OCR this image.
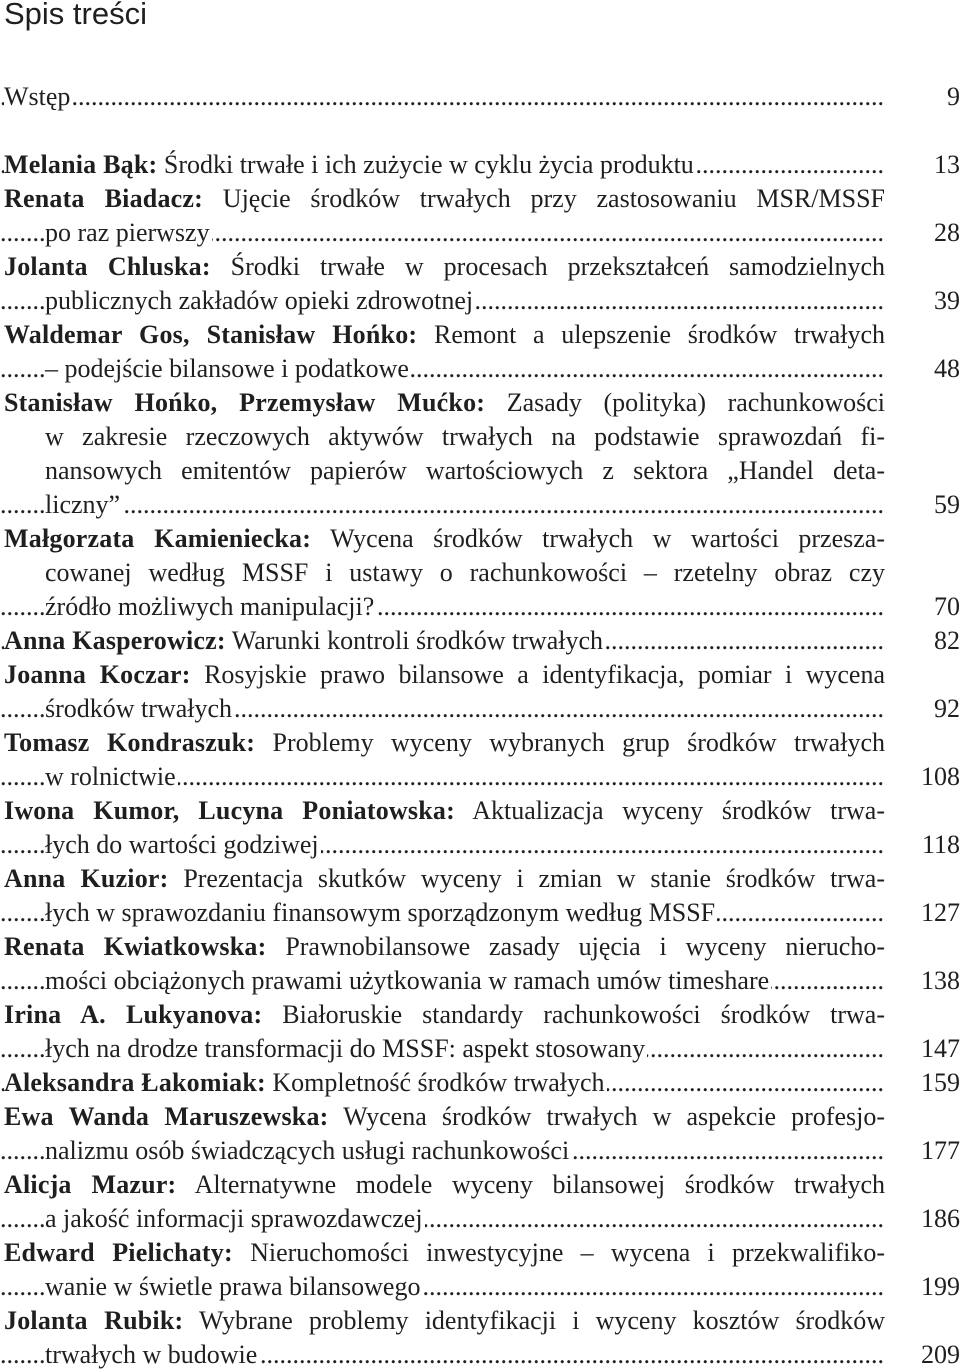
Spis treści
.....
Wstęp	9
.....
Melania Bąk: Środki trwałe i ich zużycie w cyklu życia produktu	13
Renata Biadacz: Ujęcie środków trwałych przy zastosowaniu MSR/MSSF
.....
po raz pierwszy	28
Jolanta Chluska: Środki trwałe w procesach przekształceń samodzielnych
.....
publicznych zakładów opieki zdrowotnej	39
Waldemar Gos, Stanisław Hońko: Remont a ulepszenie środków trwałych
.....
– podejście bilansowe i podatkowe	48
Stanisław Hońko, Przemysław Mućko: Zasady (polityka) rachunkowości
w zakresie rzeczowych aktywów trwałych na podstawie sprawozdań fi-
nansowych emitentów papierów wartościowych z sektora „Handel deta-
.....
liczny”	59
Małgorzata Kamieniecka: Wycena środków trwałych w wartości przesza-
cowanej według MSSF i ustawy o rachunkowości – rzetelny obraz czy
.....
źródło możliwych manipulacji?	70
.....
Anna Kasperowicz: Warunki kontroli środków trwałych	82
Joanna Koczar: Rosyjskie prawo bilansowe a identyfikacja, pomiar i wycena
.....
środków trwałych	92
Tomasz Kondraszuk: Problemy wyceny wybranych grup środków trwałych
.....
w rolnictwie	108
Iwona Kumor, Lucyna Poniatowska: Aktualizacja wyceny środków trwa-
.....
łych do wartości godziwej	118
Anna Kuzior: Prezentacja skutków wyceny i zmian w stanie środków trwa-
.....
łych w sprawozdaniu finansowym sporządzonym według MSSF	127
Renata Kwiatkowska: Prawnobilansowe zasady ujęcia i wyceny nierucho-
.....
mości obciążonych prawami użytkowania w ramach umów timeshare	138
Irina A. Lukyanova: Białoruskie standardy rachunkowości środków trwa-
.....
łych na drodze transformacji do MSSF: aspekt stosowany	147
.....
Aleksandra Łakomiak: Kompletność środków trwałych	159
Ewa Wanda Maruszewska: Wycena środków trwałych w aspekcie profesjo-
.....
nalizmu osób świadczących usługi rachunkowości	177
Alicja Mazur: Alternatywne modele wyceny bilansowej środków trwałych
.....
a jakość informacji sprawozdawczej	186
Edward Pielichaty: Nieruchomości inwestycyjne – wycena i przekwalifiko-
.....
wanie w świetle prawa bilansowego	199
Jolanta Rubik: Wybrane problemy identyfikacji i wyceny kosztów środków
.....
trwałych w budowie	209
